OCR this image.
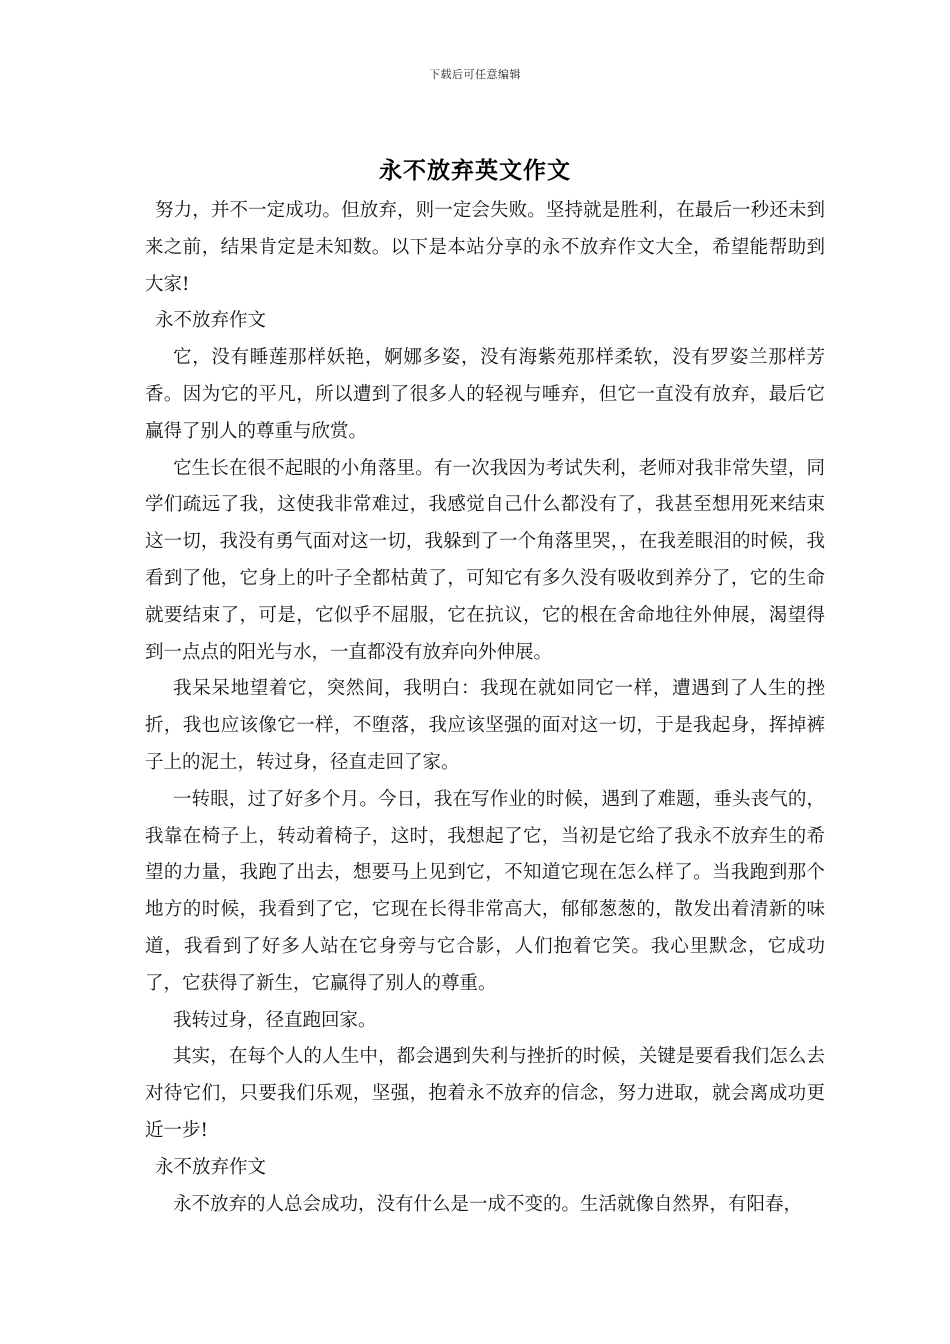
下载后可任意编辑
永不放弃英文作文

努力，并不一定成功。但放弃，则一定会失败。坚持就是胜利，在最后一秒还未到来之前，结果肯定是未知数。以下是本站分享的永不放弃作文大全，希望能帮助到大家!

永不放弃作文

它，没有睡莲那样妖艳，婀娜多姿，没有海紫苑那样柔软，没有罗姿兰那样芳香。因为它的平凡，所以遭到了很多人的轻视与唾弃，但它一直没有放弃，最后它赢得了别人的尊重与欣赏。

它生长在很不起眼的小角落里。有一次我因为考试失利，老师对我非常失望，同学们疏远了我，这使我非常难过，我感觉自己什么都没有了，我甚至想用死来结束这一切，我没有勇气面对这一切，我躲到了一个角落里哭，，在我差眼泪的时候，我看到了他，它身上的叶子全都枯黄了，可知它有多久没有吸收到养分了，它的生命就要结束了，可是，它似乎不屈服，它在抗议，它的根在舍命地往外伸展，渴望得到一点点的阳光与水，一直都没有放弃向外伸展。

我呆呆地望着它，突然间，我明白：我现在就如同它一样，遭遇到了人生的挫折，我也应该像它一样，不堕落，我应该坚强的面对这一切，于是我起身，挥掉裤子上的泥土，转过身，径直走回了家。

一转眼，过了好多个月。今日，我在写作业的时候，遇到了难题，垂头丧气的，我靠在椅子上，转动着椅子，这时，我想起了它，当初是它给了我永不放弃生的希望的力量，我跑了出去，想要马上见到它，不知道它现在怎么样了。当我跑到那个地方的时候，我看到了它，它现在长得非常高大，郁郁葱葱的，散发出着清新的味道，我看到了好多人站在它身旁与它合影，人们抱着它笑。我心里默念，它成功了，它获得了新生，它赢得了别人的尊重。

我转过身，径直跑回家。

其实，在每个人的人生中，都会遇到失利与挫折的时候，关键是要看我们怎么去对待它们，只要我们乐观，坚强，抱着永不放弃的信念，努力进取，就会离成功更近一步!

永不放弃作文

永不放弃的人总会成功，没有什么是一成不变的。生活就像自然界，有阳春，
